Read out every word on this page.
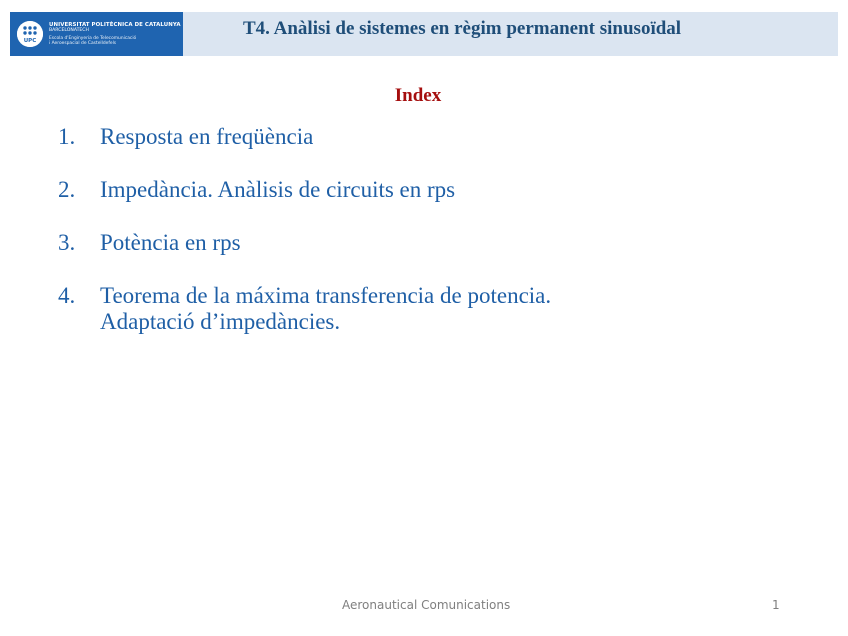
UPC
UNIVERSITAT POLITÈCNICA DE CATALUNYA
BARCELONATECH
Escola d'Enginyeria de Telecomunicació
i Aeroespacial de Castelldefels
T4. Anàlisi de sistemes en règim permanent sinusoïdal
Index
1.	Resposta en freqüència
2.	Impedància. Anàlisis de circuits en rps
3.	Potència en rps
4.	Teorema de la máxima transferencia de potencia.
Adaptació d’impedàncies.
Aeronautical Comunications	1
